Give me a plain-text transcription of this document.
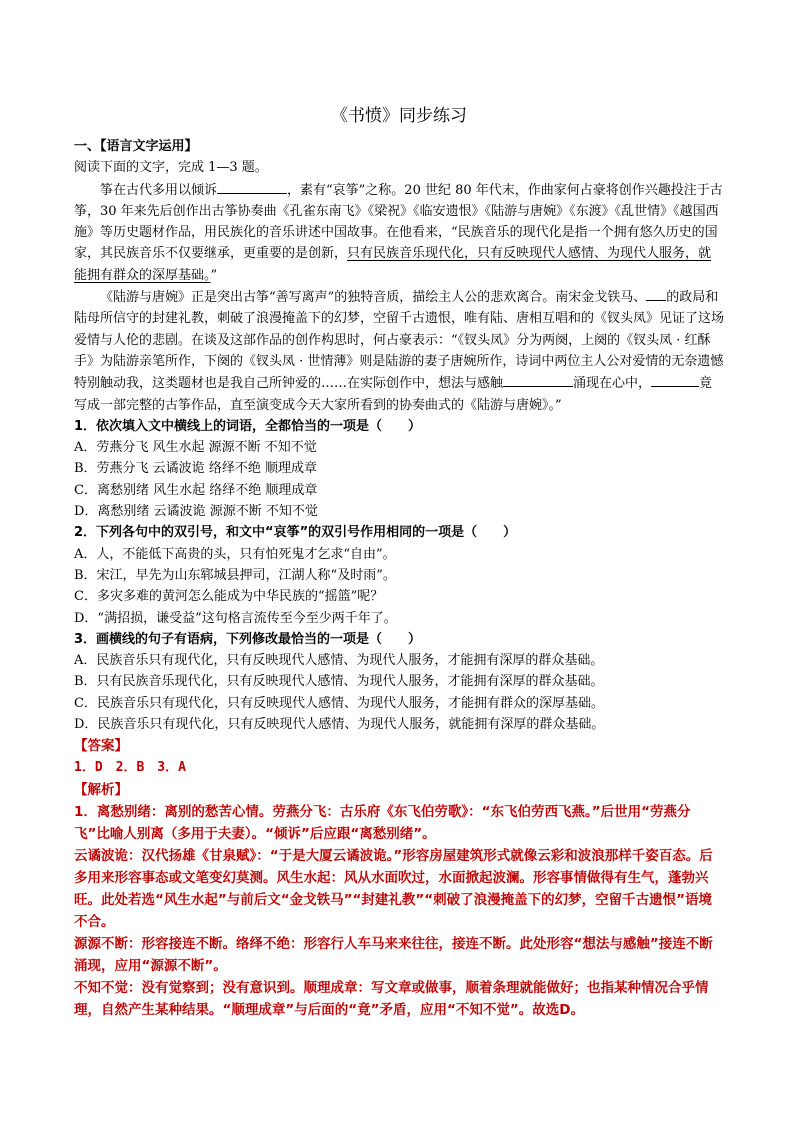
《书愤》同步练习
一、【语言文字运用】

阅读下面的文字，完成 1—3 题。

筝在古代多用以倾诉	，素有“哀筝”之称。20 世纪 80 年代末，作曲家何占豪将创作兴趣投注于古筝，30 年来先后创作出古筝协奏曲《孔雀东南飞》《梁祝》《临安遗恨》《陆游与唐婉》《东渡》《乱世情》《越国西施》等历史题材作品，用民族化的音乐讲述中国故事。在他看来，“民族音乐的现代化是指一个拥有悠久历史的国家，其民族音乐不仅要继承，更重要的是创新，只有民族音乐现代化，只有反映现代人感情、为现代人服务，就能拥有群众的深厚基础。”

《陆游与唐婉》正是突出古筝“善写离声”的独特音质，描绘主人公的悲欢离合。南宋金戈铁马、 的政局和陆母所信守的封建礼教，刺破了浪漫掩盖下的幻梦，空留千古遗恨，唯有陆、唐相互唱和的《钗头凤》见证了这场爱情与人伦的悲剧。在谈及这部作品的创作构思时，何占豪表示：“《钗头凤》分为两阕，上阕的《钗头凤 · 红酥手》为陆游亲笔所作，下阕的《钗头凤 · 世情薄》则是陆游的妻子唐婉所作，诗词中两位主人公对爱情的无奈遗憾特别触动我，这类题材也是我自己所钟爱的……在实际创作中，想法与感触	涌现在心中，	竟写成一部完整的古筝作品，直至演变成今天大家所看到的协奏曲式的《陆游与唐婉》。”

1．依次填入文中横线上的词语，全都恰当的一项是（　　）

A．劳燕分飞 风生水起 源源不断 不知不觉

B．劳燕分飞 云谲波诡 络绎不绝 顺理成章

C．离愁别绪 风生水起 络绎不绝 顺理成章

D．离愁别绪 云谲波诡 源源不断 不知不觉

2．下列各句中的双引号，和文中“哀筝”的双引号作用相同的一项是（　　）

A．人，不能低下高贵的头，只有怕死鬼才乞求“自由”。

B．宋江，早先为山东郓城县押司，江湖人称“及时雨”。

C．多灾多难的黄河怎么能成为中华民族的“摇篮”呢？

D．“满招损，谦受益”这句格言流传至今至少两千年了。

3．画横线的句子有语病，下列修改最恰当的一项是（　　）

A．民族音乐只有现代化，只有反映现代人感情、为现代人服务，才能拥有深厚的群众基础。

B．只有民族音乐现代化，只有反映现代人感情、为现代人服务，才能拥有深厚的群众基础。

C．民族音乐只有现代化，只有反映现代人感情、为现代人服务，才能拥有群众的深厚基础。

D．民族音乐只有现代化，只有反映现代人感情、为现代人服务，就能拥有深厚的群众基础。

【答案】

1．D　2．B　3．A

【解析】

1．离愁别绪：离别的愁苦心情。劳燕分飞：古乐府《东飞伯劳歌》：“东飞伯劳西飞燕。”后世用“劳燕分飞”比喻人别离（多用于夫妻）。“倾诉”后应跟“离愁别绪”。

云谲波诡：汉代扬雄《甘泉赋》：“于是大厦云谲波诡。”形容房屋建筑形式就像云彩和波浪那样千姿百态。后多用来形容事态或文笔变幻莫测。风生水起：风从水面吹过，水面掀起波澜。形容事情做得有生气，蓬勃兴旺。此处若选“风生水起”与前后文“金戈铁马”“封建礼教”“刺破了浪漫掩盖下的幻梦，空留千古遗恨”语境不合。

源源不断：形容接连不断。络绎不绝：形容行人车马来来往往，接连不断。此处形容“想法与感触”接连不断涌现，应用“源源不断”。

不知不觉：没有觉察到；没有意识到。顺理成章：写文章或做事，顺着条理就能做好；也指某种情况合乎情理，自然产生某种结果。“顺理成章”与后面的“竟”矛盾，应用“不知不觉”。故选D。
